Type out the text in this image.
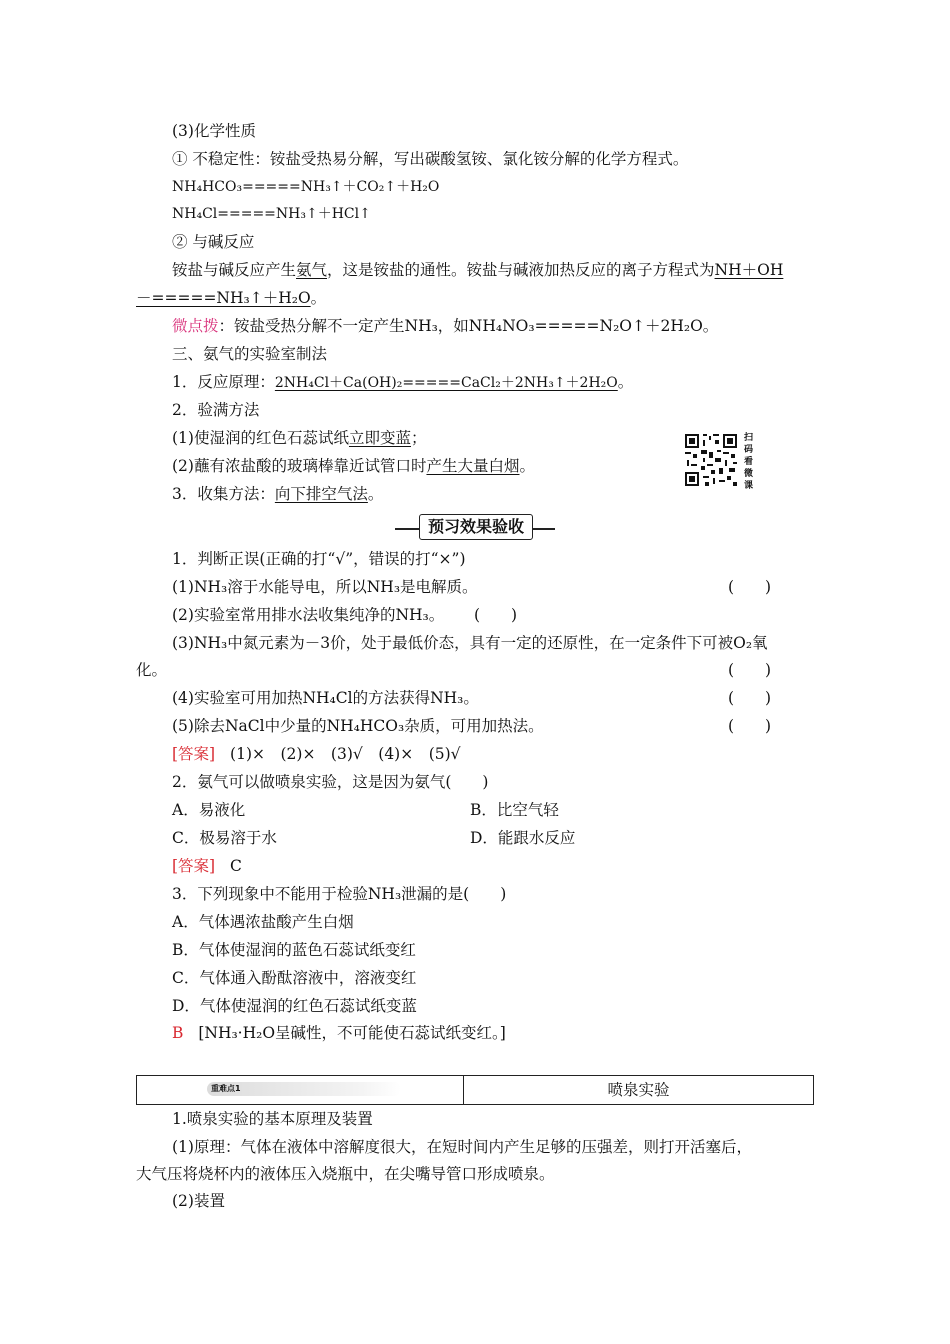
(3)化学性质
① 不稳定性：铵盐受热易分解，写出碳酸氢铵、氯化铵分解的化学方程式。
NH₄HCO₃=====NH₃↑＋CO₂↑＋H₂O
NH₄Cl=====NH₃↑＋HCl↑
② 与碱反应
铵盐与碱反应产生氨气，这是铵盐的通性。铵盐与碱液加热反应的离子方程式为NH＋OH
－=====NH₃↑＋H₂O。
微点拨：铵盐受热分解不一定产生NH₃，如NH₄NO₃=====N₂O↑＋2H₂O。
三、氨气的实验室制法
1．反应原理：2NH₄Cl＋Ca(OH)₂=====CaCl₂＋2NH₃↑＋2H₂O。
2．验满方法
(1)使湿润的红色石蕊试纸立即变蓝；
(2)蘸有浓盐酸的玻璃棒靠近试管口时产生大量白烟。
3．收集方法：向下排空气法。
扫码看微课
预习效果验收
1．判断正误(正确的打“√”，错误的打“×”)
(1)NH₃溶于水能导电，所以NH₃是电解质。	(　　)
(2)实验室常用排水法收集纯净的NH₃。 (　　)
(3)NH₃中氮元素为－3价，处于最低价态，具有一定的还原性，在一定条件下可被O₂氧
化。	(　　)
(4)实验室可用加热NH₄Cl的方法获得NH₃。	(　　)
(5)除去NaCl中少量的NH₄HCO₃杂质，可用加热法。	(　　)
[答案] (1)×　(2)×　(3)√　(4)×　(5)√
2．氨气可以做喷泉实验，这是因为氨气(　　)
A．易液化	B．比空气轻
C．极易溶于水	D．能跟水反应
[答案] C
3．下列现象中不能用于检验NH₃泄漏的是(　　)
A．气体遇浓盐酸产生白烟
B．气体使湿润的蓝色石蕊试纸变红
C．气体通入酚酞溶液中，溶液变红
D．气体使湿润的红色石蕊试纸变蓝
B [NH₃·H₂O呈碱性，不可能使石蕊试纸变红。]
重难点1	喷泉实验
1.喷泉实验的基本原理及装置
(1)原理：气体在液体中溶解度很大，在短时间内产生足够的压强差，则打开活塞后，
大气压将烧杯内的液体压入烧瓶中，在尖嘴导管口形成喷泉。
(2)装置
